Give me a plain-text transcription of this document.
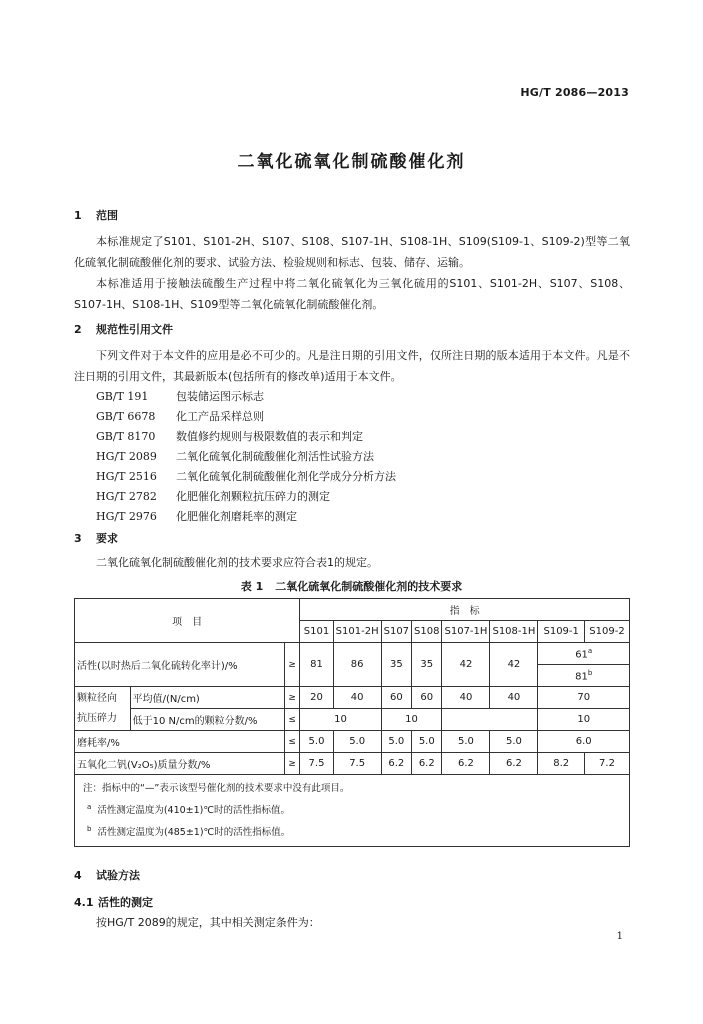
HG/T 2086—2013
二氧化硫氧化制硫酸催化剂
1 范围
本标准规定了S101、S101-2H、S107、S108、S107-1H、S108-1H、S109(S109-1、S109-2)型等二氧化硫氧化制硫酸催化剂的要求、试验方法、检验规则和标志、包装、储存、运输。
本标准适用于接触法硫酸生产过程中将二氧化硫氧化为三氧化硫用的S101、S101-2H、S107、S108、S107-1H、S108-1H、S109型等二氧化硫氧化制硫酸催化剂。
2 规范性引用文件
下列文件对于本文件的应用是必不可少的。凡是注日期的引用文件，仅所注日期的版本适用于本文件。凡是不注日期的引用文件，其最新版本(包括所有的修改单)适用于本文件。
GB/T 191	包装储运图示标志
GB/T 6678 化工产品采样总则
GB/T 8170 数值修约规则与极限数值的表示和判定
HG/T 2089 二氧化硫氧化制硫酸催化剂活性试验方法
HG/T 2516 二氧化硫氧化制硫酸催化剂化学成分分析方法
HG/T 2782 化肥催化剂颗粒抗压碎力的测定
HG/T 2976 化肥催化剂磨耗率的测定
3 要求
二氧化硫氧化制硫酸催化剂的技术要求应符合表1的规定。
表 1 二氧化硫氧化制硫酸催化剂的技术要求
项　目			指　标							
			S101	S101-2H	S107	S108	S107-1H	S108-1H	S109-1	S109-2
活性(以时热后二氧化硫转化率计)/%		≥	81	86	35	35	42	42	61$^a$
									81$^b$
颗粒径向
抗压碎力	平均值/(N/cm)	≥	20	40	60	60	40	40	70	
	低于10 N/cm的颗粒分数/%	≤	10		10				10	
磨耗率/%		≤	5.0	5.0	5.0	5.0	5.0	5.0	6.0	
五氧化二钒(V₂O₅)质量分数/%		≥	7.5	7.5	6.2	6.2	6.2	6.2	8.2	7.2

注：指标中的“—”表示该型号催化剂的技术要求中没有此项目。
$^a$ 活性测定温度为(410±1)℃时的活性指标值。
$^b$ 活性测定温度为(485±1)℃时的活性指标值。										
4 试验方法
4.1 活性的测定
按HG/T 2089的规定，其中相关测定条件为：
1
